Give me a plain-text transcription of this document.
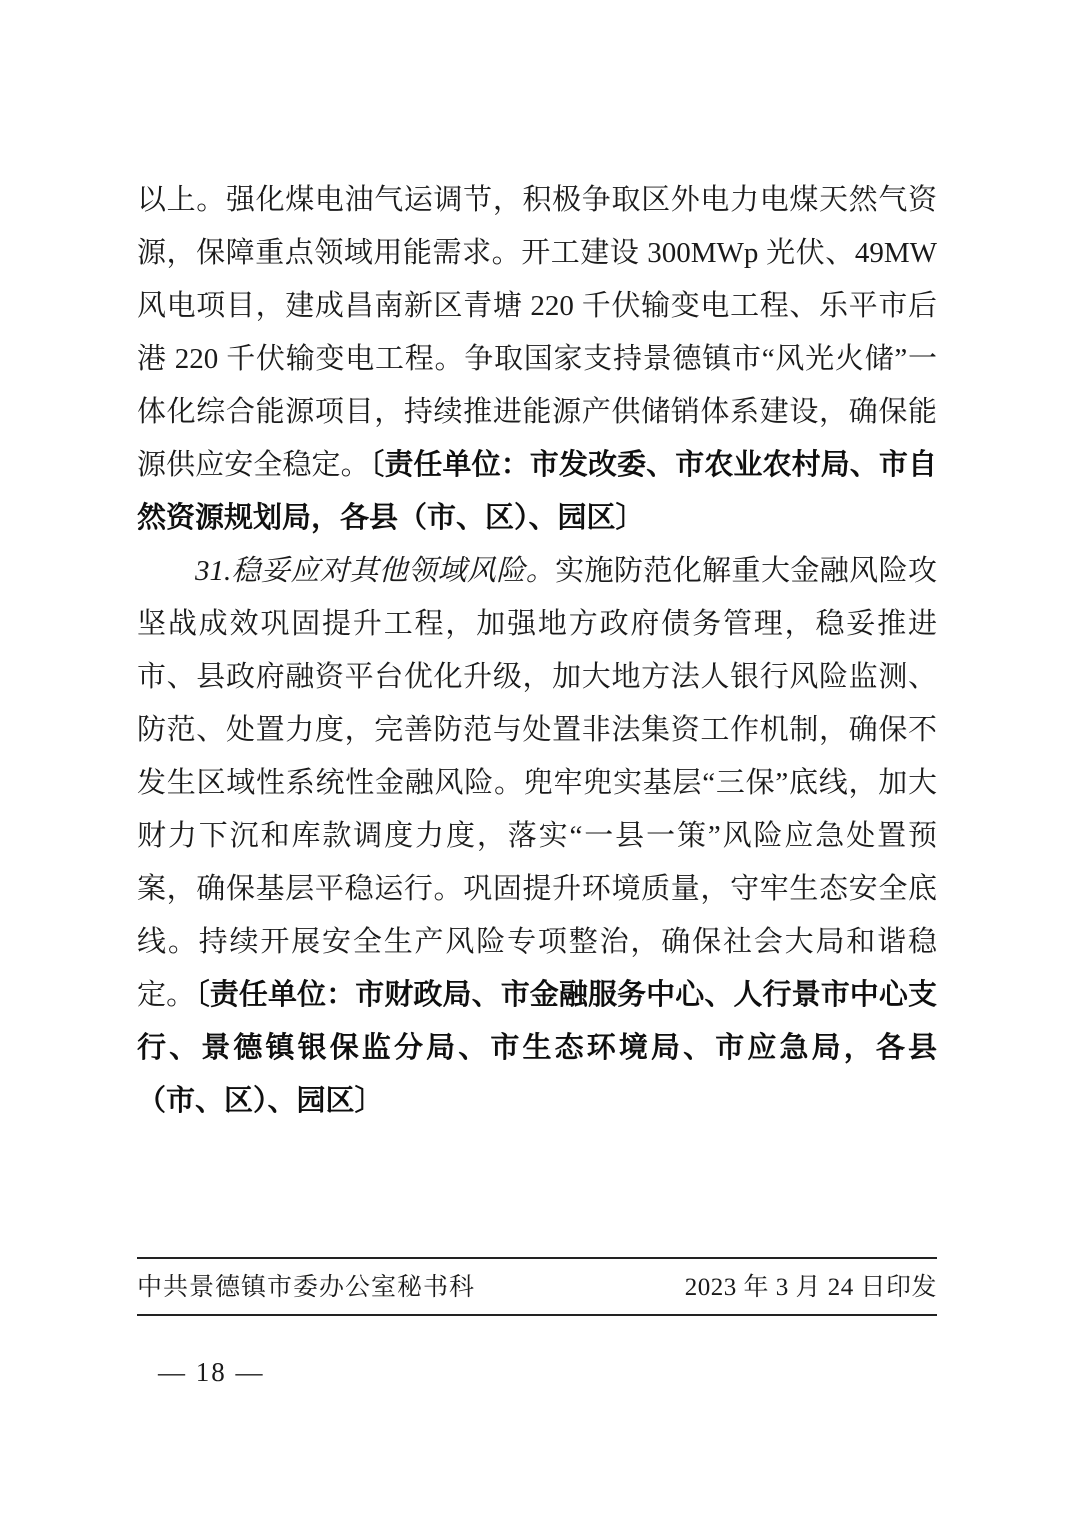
以上。强化煤电油气运调节，积极争取区外电力电煤天然气资源，保障重点领域用能需求。开工建设 300MWp 光伏、49MW 风电项目，建成昌南新区青塘 220 千伏输变电工程、乐平市后港 220 千伏输变电工程。争取国家支持景德镇市“风光火储”一体化综合能源项目，持续推进能源产供储销体系建设，确保能源供应安全稳定。〔责任单位：市发改委、市农业农村局、市自然资源规划局，各县（市、区）、园区〕

31.稳妥应对其他领域风险。实施防范化解重大金融风险攻坚战成效巩固提升工程，加强地方政府债务管理，稳妥推进市、县政府融资平台优化升级，加大地方法人银行风险监测、防范、处置力度，完善防范与处置非法集资工作机制，确保不发生区域性系统性金融风险。兜牢兜实基层“三保”底线，加大财力下沉和库款调度力度，落实“一县一策”风险应急处置预案，确保基层平稳运行。巩固提升环境质量，守牢生态安全底线。持续开展安全生产风险专项整治，确保社会大局和谐稳定。〔责任单位：市财政局、市金融服务中心、人行景市中心支行、景德镇银保监分局、市生态环境局、市应急局，各县（市、区）、园区〕

中共景德镇市委办公室秘书科	2023 年 3 月 24 日印发
— 18 —
